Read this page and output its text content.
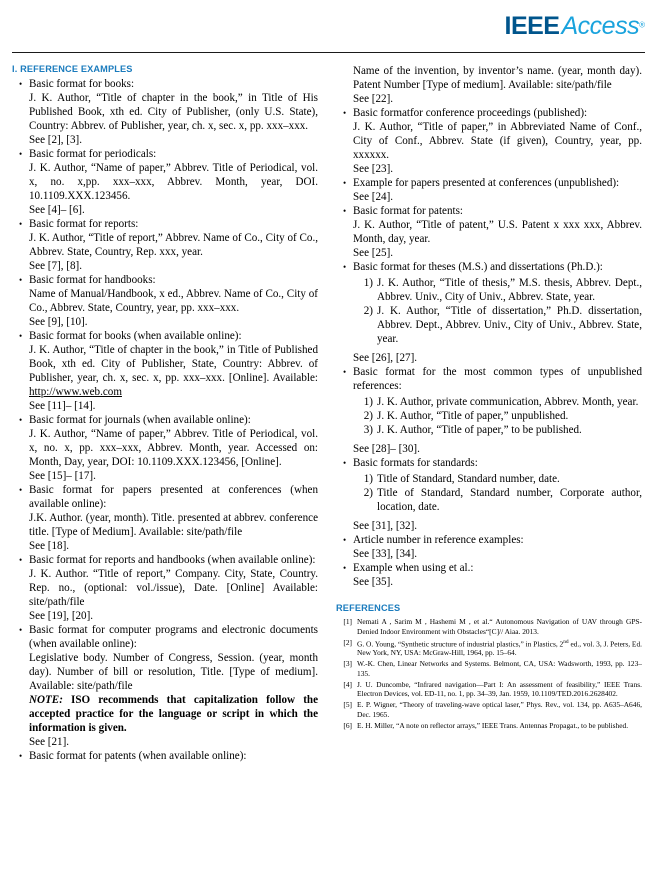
IEEEAccess®
I. REFERENCE EXAMPLES
• Basic format for books:
J. K. Author, “Title of chapter in the book,” in Title of His Published Book, xth ed. City of Publisher, (only U.S. State), Country: Abbrev. of Publisher, year, ch. x, sec. x, pp. xxx–xxx.
See [2], [3].
• Basic format for periodicals:
J. K. Author, “Name of paper,” Abbrev. Title of Periodical, vol. x, no. x,pp. xxx–xxx, Abbrev. Month, year, DOI. 10.1109.XXX.123456.
See [4]– [6].
• Basic format for reports:
J. K. Author, “Title of report,” Abbrev. Name of Co., City of Co., Abbrev. State, Country, Rep. xxx, year.
See [7], [8].
• Basic format for handbooks:
Name of Manual/Handbook, x ed., Abbrev. Name of Co., City of Co., Abbrev. State, Country, year, pp. xxx–xxx.
See [9], [10].
• Basic format for books (when available online):
J. K. Author, “Title of chapter in the book,” in Title of Published Book, xth ed. City of Publisher, State, Country: Abbrev. of Publisher, year, ch. x, sec. x, pp. xxx–xxx. [Online]. Available: http://www.web.com
See [11]– [14].
• Basic format for journals (when available online):
J. K. Author, “Name of paper,” Abbrev. Title of Periodical, vol. x, no. x, pp. xxx–xxx, Abbrev. Month, year. Accessed on: Month, Day, year, DOI: 10.1109.XXX.123456, [Online].
See [15]– [17].
• Basic format for papers presented at conferences (when available online):
J.K. Author. (year, month). Title. presented at abbrev. conference title. [Type of Medium]. Available: site/path/file
See [18].
• Basic format for reports and handbooks (when available online):
J. K. Author. “Title of report,” Company. City, State, Country. Rep. no., (optional: vol./issue), Date. [Online] Available: site/path/file
See [19], [20].
• Basic format for computer programs and electronic documents (when available online):
Legislative body. Number of Congress, Session. (year, month day). Number of bill or resolution, Title. [Type of medium]. Available: site/path/file
NOTE: ISO recommends that capitalization follow the accepted practice for the language or script in which the information is given.
See [21].
• Basic format for patents (when available online):
Name of the invention, by inventor’s name. (year, month day). Patent Number [Type of medium]. Available: site/path/file
See [22].
• Basic formatfor conference proceedings (published):
J. K. Author, “Title of paper,” in Abbreviated Name of Conf., City of Conf., Abbrev. State (if given), Country, year, pp. xxxxxx.
See [23].
• Example for papers presented at conferences (unpublished):
See [24].
• Basic format for patents:
J. K. Author, “Title of patent,” U.S. Patent x xxx xxx, Abbrev. Month, day, year.
See [25].
• Basic format for theses (M.S.) and dissertations (Ph.D.):
1) J. K. Author, “Title of thesis,” M.S. thesis, Abbrev. Dept., Abbrev. Univ., City of Univ., Abbrev. State, year.
2) J. K. Author, “Title of dissertation,” Ph.D. dissertation, Abbrev. Dept., Abbrev. Univ., City of Univ., Abbrev. State, year.
See [26], [27].
• Basic format for the most common types of unpublished references:
1) J. K. Author, private communication, Abbrev. Month, year.
2) J. K. Author, “Title of paper,” unpublished.
3) J. K. Author, “Title of paper,” to be published.
See [28]– [30].
• Basic formats for standards:
1) Title of Standard, Standard number, date.
2) Title of Standard, Standard number, Corporate author, location, date.
See [31], [32].
• Article number in reference examples:
See [33], [34].
• Example when using et al.:
See [35].
REFERENCES
[1] Nemati A , Sarim M , Hashemi M , et al.“ Autonomous Navigation of UAV through GPS-Denied Indoor Environment with Obstacles“[C]// Aiaa. 2013.
[2] G. O. Young, “Synthetic structure of industrial plastics,” in Plastics, 2nd ed., vol. 3, J. Peters, Ed. New York, NY, USA: McGraw-Hill, 1964, pp. 15–64.
[3] W.-K. Chen, Linear Networks and Systems. Belmont, CA, USA: Wadsworth, 1993, pp. 123–135.
[4] J. U. Duncombe, “Infrared navigation—Part I: An assessment of feasibility,” IEEE Trans. Electron Devices, vol. ED-11, no. 1, pp. 34–39, Jan. 1959, 10.1109/TED.2016.2628402.
[5] E. P. Wigner, “Theory of traveling-wave optical laser,” Phys. Rev., vol. 134, pp. A635–A646, Dec. 1965.
[6] E. H. Miller, “A note on reflector arrays,” IEEE Trans. Antennas Propagat., to be published.
